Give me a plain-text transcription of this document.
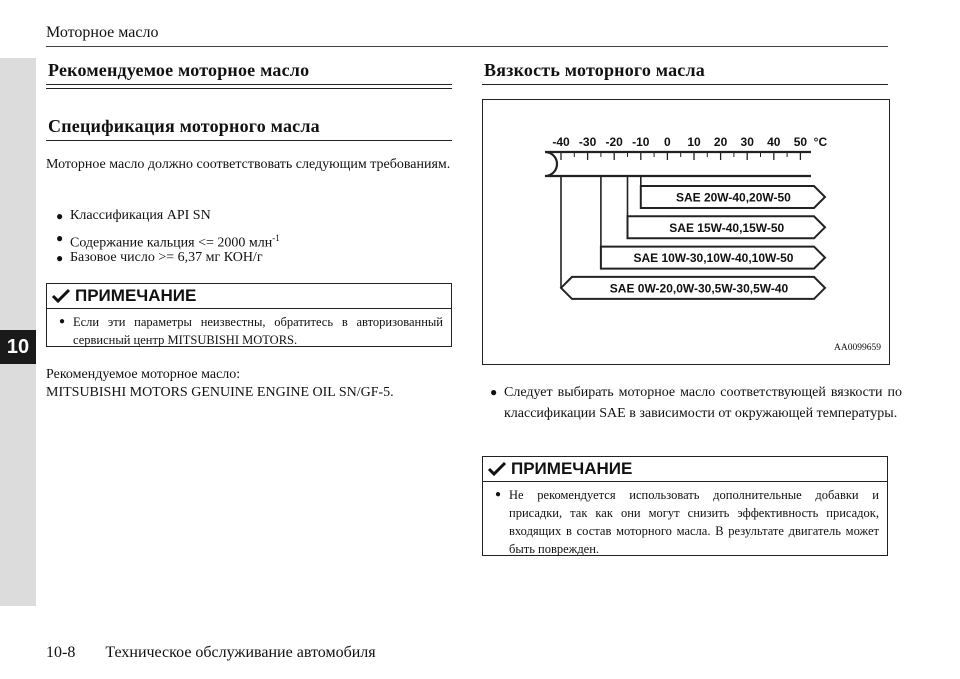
10
Моторное масло
Рекомендуемое моторное масло
Спецификация моторного масла
Моторное масло должно соответствовать следующим требованиям.
● Классификация API SN
● Содержание кальция <= 2000 млн$^{-1}$
● Базовое число >= 6,37 мг КОН/г
ПРИМЕЧАНИЕ
● Если эти параметры неизвестны, обратитесь в авторизованный сервисный центр MITSUBISHI MOTORS.
Рекомендуемое моторное масло:
MITSUBISHI MOTORS GENUINE ENGINE OIL SN/GF-5.
Вязкость моторного масла
-40 -30 -20 -10 0 10 20 30 40 50 °C
SAE 20W-40,20W-50
SAE 15W-40,15W-50
SAE 10W-30,10W-40,10W-50
SAE 0W-20,0W-30,5W-30,5W-40
AA0099659
● Следует выбирать моторное масло соответствующей вязкости по классификации SAE в зависимости от окружающей температуры.
ПРИМЕЧАНИЕ
● Не рекомендуется использовать дополнительные добавки и присадки, так как они могут снизить эффективность присадок, входящих в состав моторного масла. В результате двигатель может быть поврежден.
10-8 Техническое обслуживание автомобиля
